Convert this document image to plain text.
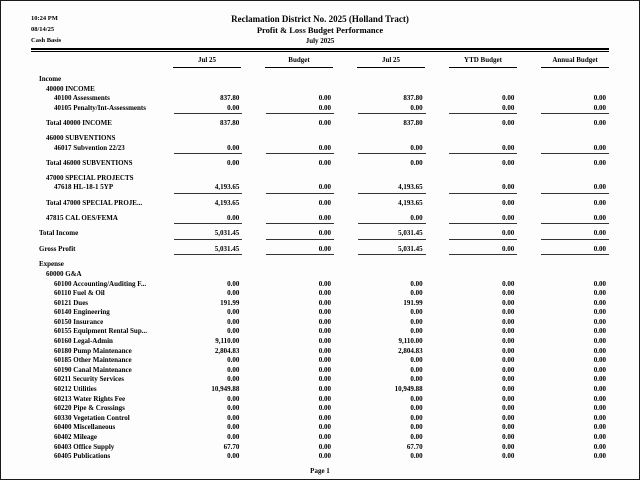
10:24 PM
08/14/25
Cash Basis
Reclamation District No. 2025 (Holland Tract)
Profit & Loss Budget Performance
July 2025
Jul 25	Budget	Jul 25	YTD Budget	Annual Budget
Income
40000 INCOME
40100 Assessments	837.80	0.00	837.80	0.00	0.00
40105 Penalty/Int-Assessments	0.00	0.00	0.00	0.00	0.00
Total 40000 INCOME	837.80	0.00	837.80	0.00	0.00
46000 SUBVENTIONS
46017 Subvention 22/23	0.00	0.00	0.00	0.00	0.00
Total 46000 SUBVENTIONS	0.00	0.00	0.00	0.00	0.00
47000 SPECIAL PROJECTS
47618 HL-18-1 5YP	4,193.65	0.00	4,193.65	0.00	0.00
Total 47000 SPECIAL PROJE...	4,193.65	0.00	4,193.65	0.00	0.00
47815 CAL OES/FEMA	0.00	0.00	0.00	0.00	0.00
Total Income	5,031.45	0.00	5,031.45	0.00	0.00
Gross Profit	5,031.45	0.00	5,031.45	0.00	0.00
Expense
60000 G&A
60100 Accounting/Auditing F...	0.00	0.00	0.00	0.00	0.00
60110 Fuel & Oil	0.00	0.00	0.00	0.00	0.00
60121 Dues	191.99	0.00	191.99	0.00	0.00
60140 Engineering	0.00	0.00	0.00	0.00	0.00
60150 Insurance	0.00	0.00	0.00	0.00	0.00
60155 Equipment Rental Sup...	0.00	0.00	0.00	0.00	0.00
60160 Legal-Admin	9,110.00	0.00	9,110.00	0.00	0.00
60180 Pump Maintenance	2,804.83	0.00	2,804.83	0.00	0.00
60185 Other Maintenance	0.00	0.00	0.00	0.00	0.00
60190 Canal Maintenance	0.00	0.00	0.00	0.00	0.00
60211 Security Services	0.00	0.00	0.00	0.00	0.00
60212 Utilities	10,949.88	0.00	10,949.88	0.00	0.00
60213 Water Rights Fee	0.00	0.00	0.00	0.00	0.00
60220 Pipe & Crossings	0.00	0.00	0.00	0.00	0.00
60330 Vegetation Control	0.00	0.00	0.00	0.00	0.00
60400 Miscellaneous	0.00	0.00	0.00	0.00	0.00
60402 Mileage	0.00	0.00	0.00	0.00	0.00
60403 Office Supply	67.70	0.00	67.70	0.00	0.00
60405 Publications	0.00	0.00	0.00	0.00	0.00
Page 1
